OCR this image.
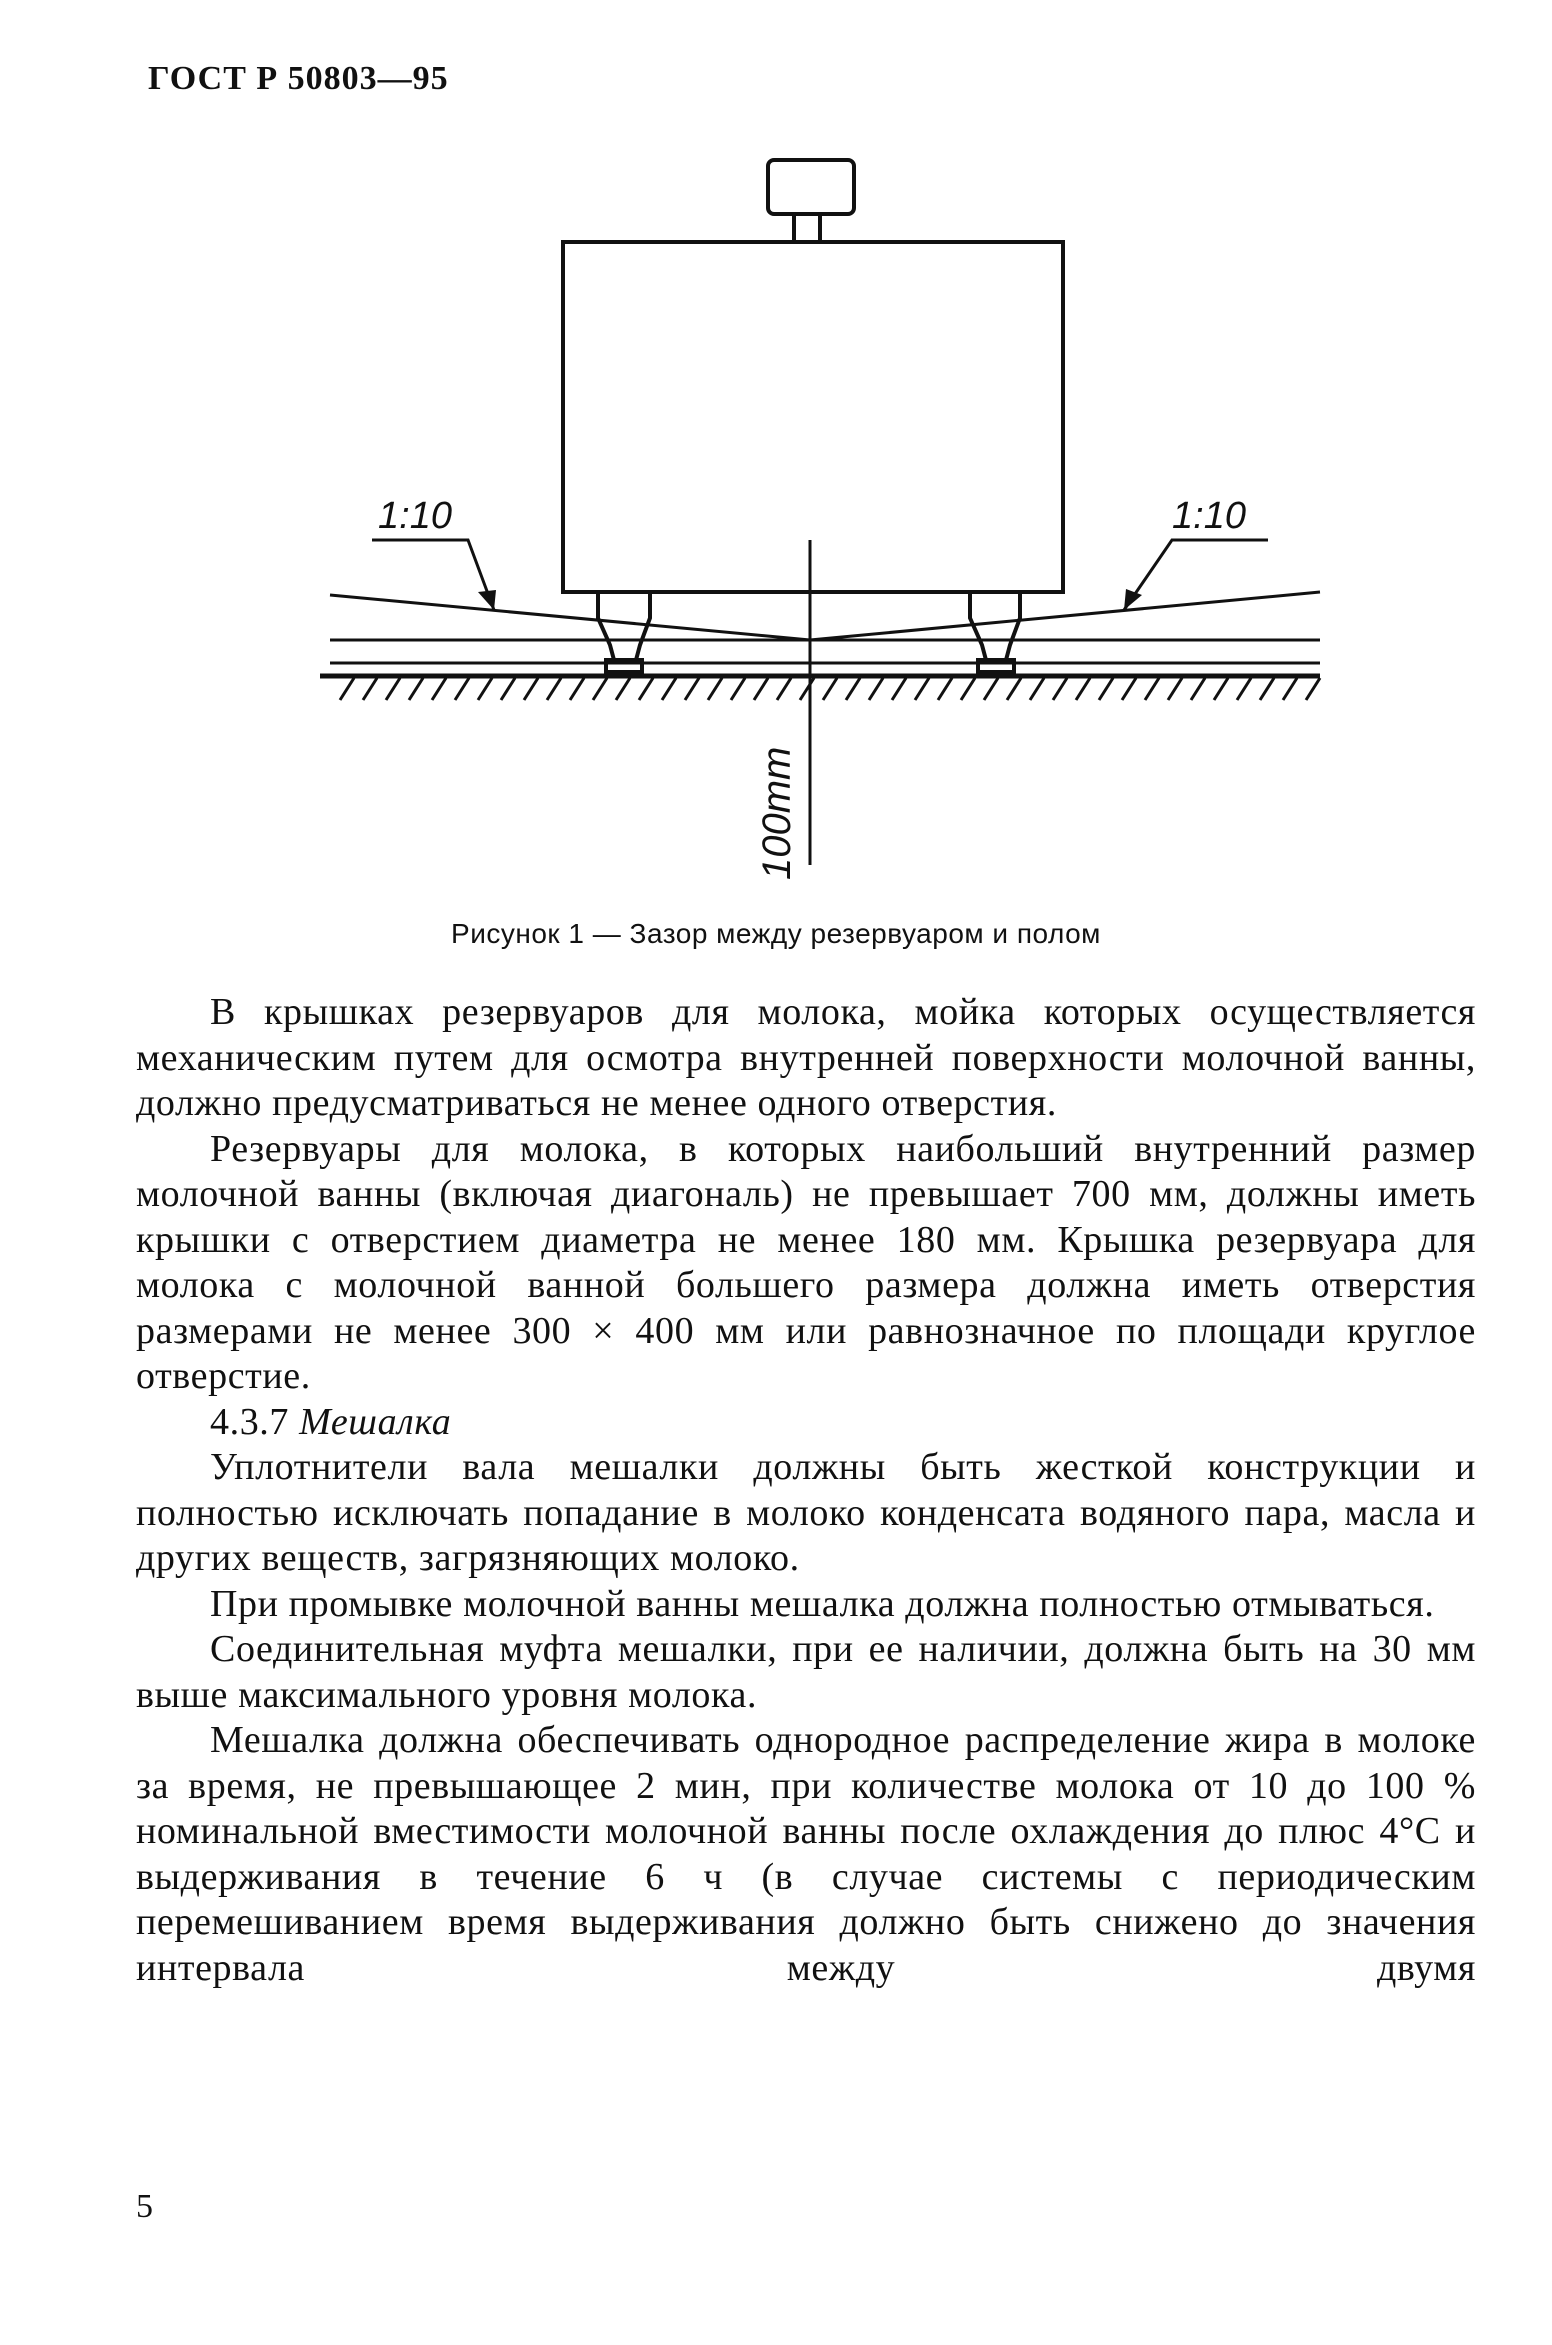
ГОСТ Р 50803—95
1:10	1:10
100mm
Рисунок 1 — Зазор между резервуаром и полом

В крышках резервуаров для молока, мойка которых осуществляется механическим путем для осмотра внутренней поверхности молочной ванны, должно предусматриваться не менее одного отверстия.

Резервуары для молока, в которых наибольший внутренний размер молочной ванны (включая диагональ) не превышает 700 мм, должны иметь крышки с отверстием диаметра не менее 180 мм. Крышка резервуара для молока с молочной ванной большего размера должна иметь отверстия размерами не менее 300 × 400 мм или равнозначное по площади круглое отверстие.

4.3.7 Мешалка

Уплотнители вала мешалки должны быть жесткой конструкции и полностью исключать попадание в молоко конденсата водяного пара, масла и других веществ, загрязняющих молоко.

При промывке молочной ванны мешалка должна полностью отмываться.

Соединительная муфта мешалки, при ее наличии, должна быть на 30 мм выше максимального уровня молока.

Мешалка должна обеспечивать однородное распределение жира в молоке за время, не превышающее 2 мин, при количестве молока от 10 до 100 % номинальной вместимости молочной ванны после охлаждения до плюс 4°С и выдерживания в течение 6 ч (в случае системы с периодическим перемешиванием время выдерживания должно быть снижено до значения интервала между двумя

5
